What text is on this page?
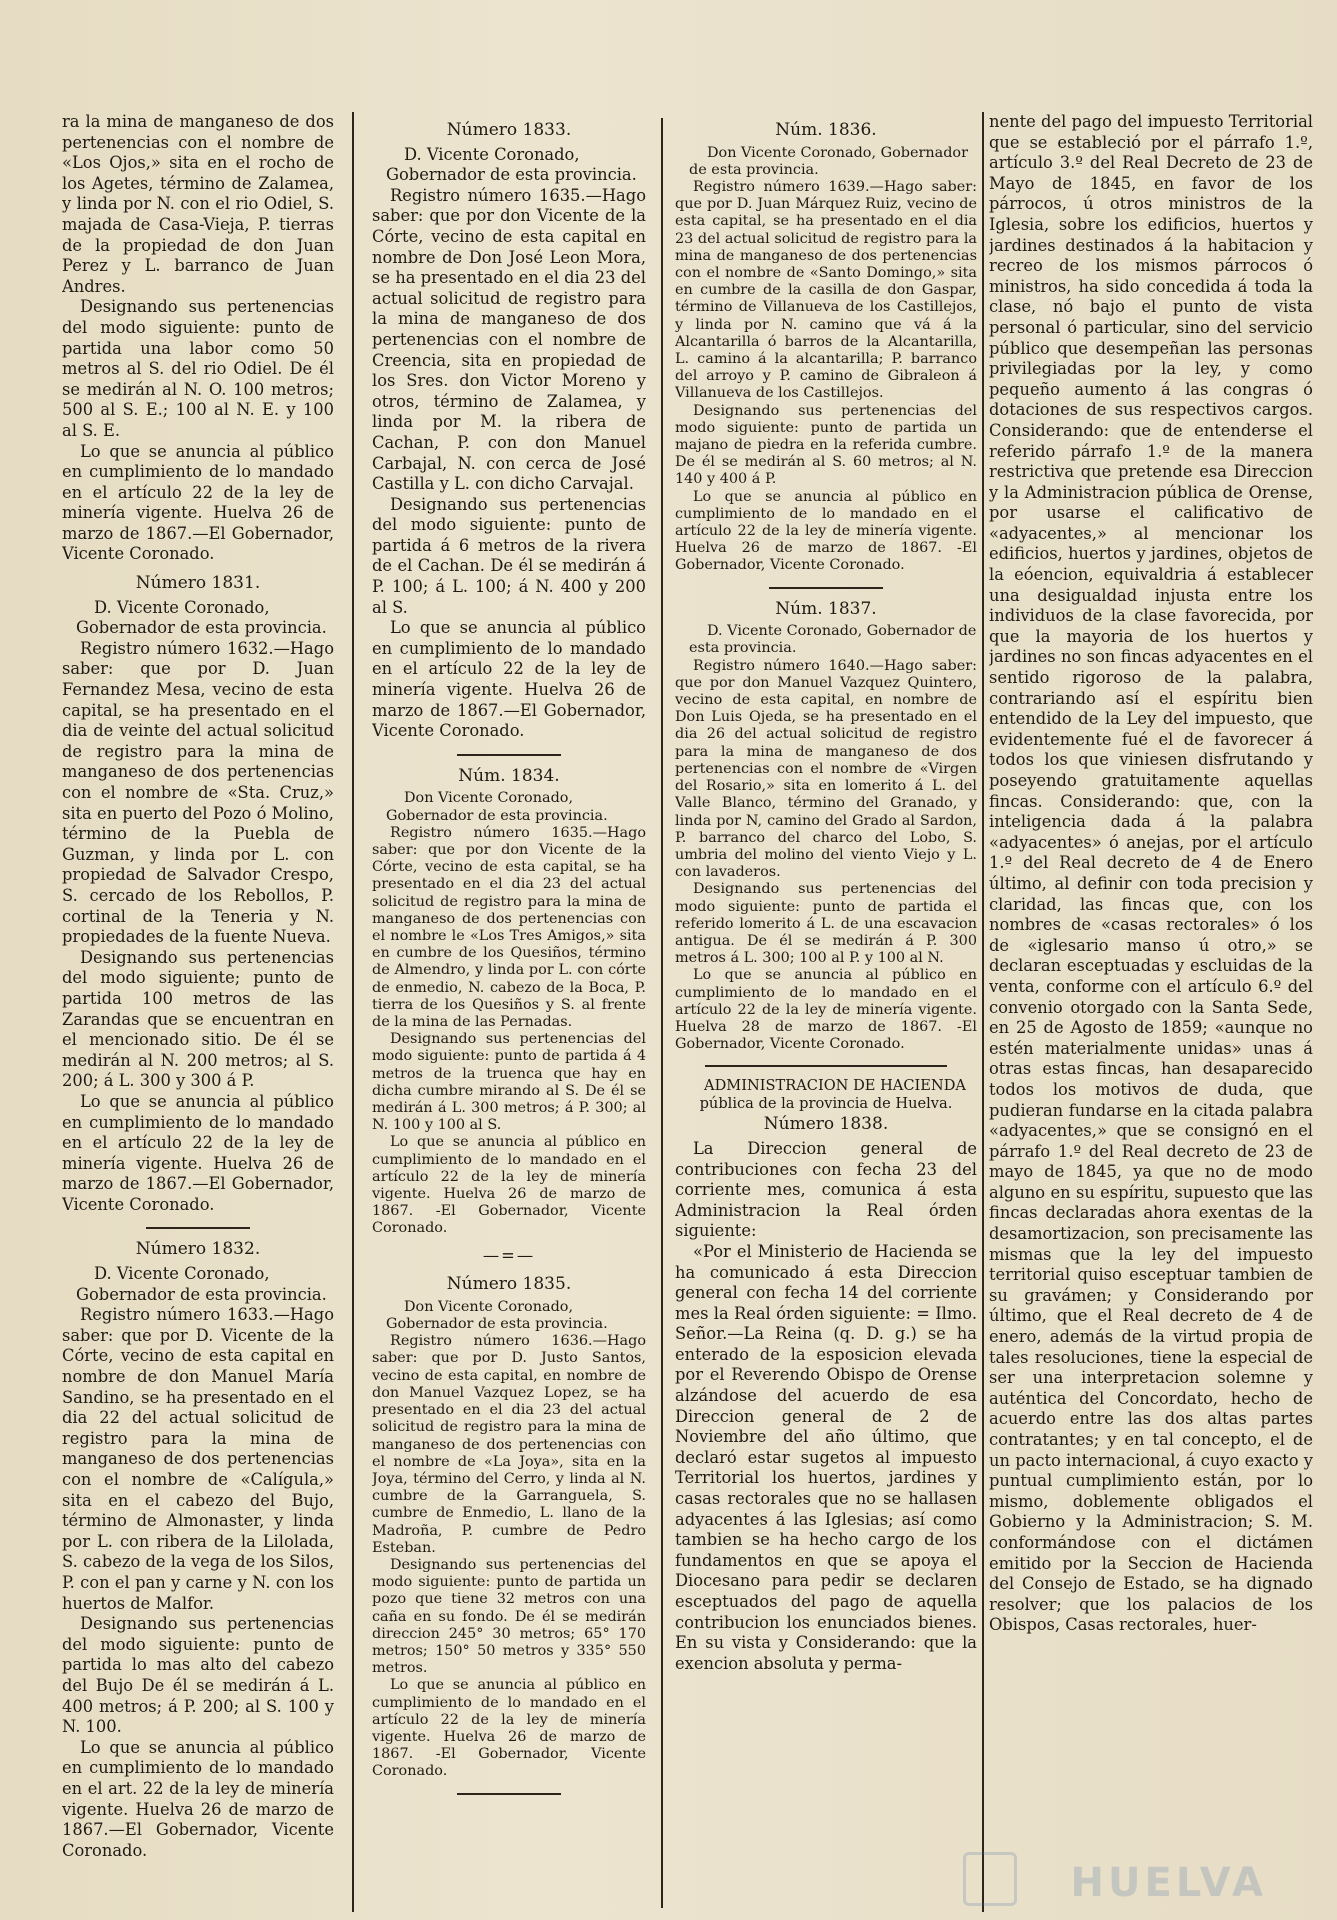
ra la mina de manganeso de dos pertenencias con el nombre de «Los Ojos,» sita en el rocho de los Agetes, término de Zalamea, y linda por N. con el rio Odiel, S. majada de Casa-Vieja, P. tierras de la propiedad de don Juan Perez y L. barranco de Juan Andres.

Designando sus pertenencias del modo siguiente: punto de partida una labor como 50 metros al S. del rio Odiel. De él se medirán al N. O. 100 metros; 500 al S. E.; 100 al N. E. y 100 al S. E.

Lo que se anuncia al público en cumplimiento de lo mandado en el artículo 22 de la ley de minería vigente. Huelva 26 de marzo de 1867.—El Gobernador, Vicente Coronado.

Número 1831.

D. Vicente Coronado, Gobernador de esta provincia.

Registro número 1632.—Hago saber: que por D. Juan Fernandez Mesa, vecino de esta capital, se ha presentado en el dia de veinte del actual solicitud de registro para la mina de manganeso de dos pertenencias con el nombre de «Sta. Cruz,» sita en puerto del Pozo ó Molino, término de la Puebla de Guzman, y linda por L. con propiedad de Salvador Crespo, S. cercado de los Rebollos, P. cortinal de la Teneria y N. propiedades de la fuente Nueva.

Designando sus pertenencias del modo siguiente; punto de partida 100 metros de las Zarandas que se encuentran en el mencionado sitio. De él se medirán al N. 200 metros; al S. 200; á L. 300 y 300 á P.

Lo que se anuncia al público en cumplimiento de lo mandado en el artículo 22 de la ley de minería vigente. Huelva 26 de marzo de 1867.—El Gobernador, Vicente Coronado.

Número 1832.

D. Vicente Coronado, Gobernador de esta provincia.

Registro número 1633.—Hago saber: que por D. Vicente de la Córte, vecino de esta capital en nombre de don Manuel María Sandino, se ha presentado en el dia 22 del actual solicitud de registro para la mina de manganeso de dos pertenencias con el nombre de «Calígula,» sita en el cabezo del Bujo, término de Almonaster, y linda por L. con ribera de la Lilolada, S. cabezo de la vega de los Silos, P. con el pan y carne y N. con los huertos de Malfor.

Designando sus pertenencias del modo siguiente: punto de partida lo mas alto del cabezo del Bujo De él se medirán á L. 400 metros; á P. 200; al S. 100 y N. 100.

Lo que se anuncia al público en cumplimiento de lo mandado en el art. 22 de la ley de minería vigente. Huelva 26 de marzo de 1867.—El Gobernador, Vicente Coronado.

Número 1833.

D. Vicente Coronado, Gobernador de esta provincia.

Registro número 1635.—Hago saber: que por don Vicente de la Córte, vecino de esta capital en nombre de Don José Leon Mora, se ha presentado en el dia 23 del actual solicitud de registro para la mina de manganeso de dos pertenencias con el nombre de Creencia, sita en propiedad de los Sres. don Victor Moreno y otros, término de Zalamea, y linda por M. la ribera de Cachan, P. con don Manuel Carbajal, N. con cerca de José Castilla y L. con dicho Carvajal.

Designando sus pertenencias del modo siguiente: punto de partida á 6 metros de la rivera de el Cachan. De él se medirán á P. 100; á L. 100; á N. 400 y 200 al S.

Lo que se anuncia al público en cumplimiento de lo mandado en el artículo 22 de la ley de minería vigente. Huelva 26 de marzo de 1867.—El Gobernador, Vicente Coronado.

Núm. 1834.

Don Vicente Coronado, Gobernador de esta provincia.

Registro número 1635.—Hago saber: que por don Vicente de la Córte, vecino de esta capital, se ha presentado en el dia 23 del actual solicitud de registro para la mina de manganeso de dos pertenencias con el nombre le «Los Tres Amigos,» sita en cumbre de los Quesiños, término de Almendro, y linda por L. con córte de enmedio, N. cabezo de la Boca, P. tierra de los Quesiños y S. al frente de la mina de las Pernadas.

Designando sus pertenencias del modo siguiente: punto de partida á 4 metros de la truenca que hay en dicha cumbre mirando al S. De él se medirán á L. 300 metros; á P. 300; al N. 100 y 100 al S.

Lo que se anuncia al público en cumplimiento de lo mandado en el artículo 22 de la ley de minería vigente. Huelva 26 de marzo de 1867. -El Gobernador, Vicente Coronado.

—=—
Número 1835.

Don Vicente Coronado, Gobernador de esta provincia.

Registro número 1636.—Hago saber: que por D. Justo Santos, vecino de esta capital, en nombre de don Manuel Vazquez Lopez, se ha presentado en el dia 23 del actual solicitud de registro para la mina de manganeso de dos pertenencias con el nombre de «La Joya», sita en la Joya, término del Cerro, y linda al N. cumbre de la Garranguela, S. cumbre de Enmedio, L. llano de la Madroña, P. cumbre de Pedro Esteban.

Designando sus pertenencias del modo siguiente: punto de partida un pozo que tiene 32 metros con una caña en su fondo. De él se medirán direccion 245° 30 metros; 65° 170 metros; 150° 50 metros y 335° 550 metros.

Lo que se anuncia al público en cumplimiento de lo mandado en el artículo 22 de la ley de minería vigente. Huelva 26 de marzo de 1867. -El Gobernador, Vicente Coronado.

Núm. 1836.

Don Vicente Coronado, Gobernador de esta provincia.

Registro número 1639.—Hago saber: que por D. Juan Márquez Ruiz, vecino de esta capital, se ha presentado en el dia 23 del actual solicitud de registro para la mina de manganeso de dos pertenencias con el nombre de «Santo Domingo,» sita en cumbre de la casilla de don Gaspar, término de Villanueva de los Castillejos, y linda por N. camino que vá á la Alcantarilla ó barros de la Alcantarilla, L. camino á la alcantarilla; P. barranco del arroyo y P. camino de Gibraleon á Villanueva de los Castillejos.

Designando sus pertenencias del modo siguiente: punto de partida un majano de piedra en la referida cumbre. De él se medirán al S. 60 metros; al N. 140 y 400 á P.

Lo que se anuncia al público en cumplimiento de lo mandado en el artículo 22 de la ley de minería vigente. Huelva 26 de marzo de 1867. -El Gobernador, Vicente Coronado.

Núm. 1837.

D. Vicente Coronado, Gobernador de esta provincia.

Registro número 1640.—Hago saber: que por don Manuel Vazquez Quintero, vecino de esta capital, en nombre de Don Luis Ojeda, se ha presentado en el dia 26 del actual solicitud de registro para la mina de manganeso de dos pertenencias con el nombre de «Virgen del Rosario,» sita en lomerito á L. del Valle Blanco, término del Granado, y linda por N, camino del Grado al Sardon, P. barranco del charco del Lobo, S. umbria del molino del viento Viejo y L. con lavaderos.

Designando sus pertenencias del modo siguiente: punto de partida el referido lomerito á L. de una escavacion antigua. De él se medirán á P. 300 metros á L. 300; 100 al P. y 100 al N.

Lo que se anuncia al público en cumplimiento de lo mandado en el artículo 22 de la ley de minería vigente. Huelva 28 de marzo de 1867. -El Gobernador, Vicente Coronado.

ADMINISTRACION DE HACIENDA pública de la provincia de Huelva.

Número 1838.

La Direccion general de contribuciones con fecha 23 del corriente mes, comunica á esta Administracion la Real órden siguiente:

«Por el Ministerio de Hacienda se ha comunicado á esta Direccion general con fecha 14 del corriente mes la Real órden siguiente: = Ilmo. Señor.—La Reina (q. D. g.) se ha enterado de la esposicion elevada por el Reverendo Obispo de Orense alzándose del acuerdo de esa Direccion general de 2 de Noviembre del año último, que declaró estar sugetos al impuesto Territorial los huertos, jardines y casas rectorales que no se hallasen adyacentes á las Iglesias; así como tambien se ha hecho cargo de los fundamentos en que se apoya el Diocesano para pedir se declaren esceptuados del pago de aquella contribucion los enunciados bienes. En su vista y Considerando: que la exencion absoluta y perma-

nente del pago del impuesto Territorial que se estableció por el párrafo 1.º, artículo 3.º del Real Decreto de 23 de Mayo de 1845, en favor de los párrocos, ú otros ministros de la Iglesia, sobre los edificios, huertos y jardines destinados á la habitacion y recreo de los mismos párrocos ó ministros, ha sido concedida á toda la clase, nó bajo el punto de vista personal ó particular, sino del servicio público que desempeñan las personas privilegiadas por la ley, y como pequeño aumento á las congras ó dotaciones de sus respectivos cargos. Considerando: que de entenderse el referido párrafo 1.º de la manera restrictiva que pretende esa Direccion y la Administracion pública de Orense, por usarse el calificativo de «adyacentes,» al mencionar los edificios, huertos y jardines, objetos de la eóencion, equivaldria á establecer una desigualdad injusta entre los individuos de la clase favorecida, por que la mayoria de los huertos y jardines no son fincas adyacentes en el sentido rigoroso de la palabra, contrariando así el espíritu bien entendido de la Ley del impuesto, que evidentemente fué el de favorecer á todos los que viniesen disfrutando y poseyendo gratuitamente aquellas fincas. Considerando: que, con la inteligencia dada á la palabra «adyacentes» ó anejas, por el artículo 1.º del Real decreto de 4 de Enero último, al definir con toda precision y claridad, las fincas que, con los nombres de «casas rectorales» ó los de «iglesario manso ú otro,» se declaran esceptuadas y escluidas de la venta, conforme con el artículo 6.º del convenio otorgado con la Santa Sede, en 25 de Agosto de 1859; «aunque no estén materialmente unidas» unas á otras estas fincas, han desaparecido todos los motivos de duda, que pudieran fundarse en la citada palabra «adyacentes,» que se consignó en el párrafo 1.º del Real decreto de 23 de mayo de 1845, ya que no de modo alguno en su espíritu, supuesto que las fincas declaradas ahora exentas de la desamortizacion, son precisamente las mismas que la ley del impuesto territorial quiso esceptuar tambien de su gravámen; y Considerando por último, que el Real decreto de 4 de enero, además de la virtud propia de tales resoluciones, tiene la especial de ser una interpretacion solemne y auténtica del Concordato, hecho de acuerdo entre las dos altas partes contratantes; y en tal concepto, el de un pacto internacional, á cuyo exacto y puntual cumplimiento están, por lo mismo, doblemente obligados el Gobierno y la Administracion; S. M. conformándose con el dictámen emitido por la Seccion de Hacienda del Consejo de Estado, se ha dignado resolver; que los palacios de los Obispos, Casas rectorales, huer-

HUELVA
